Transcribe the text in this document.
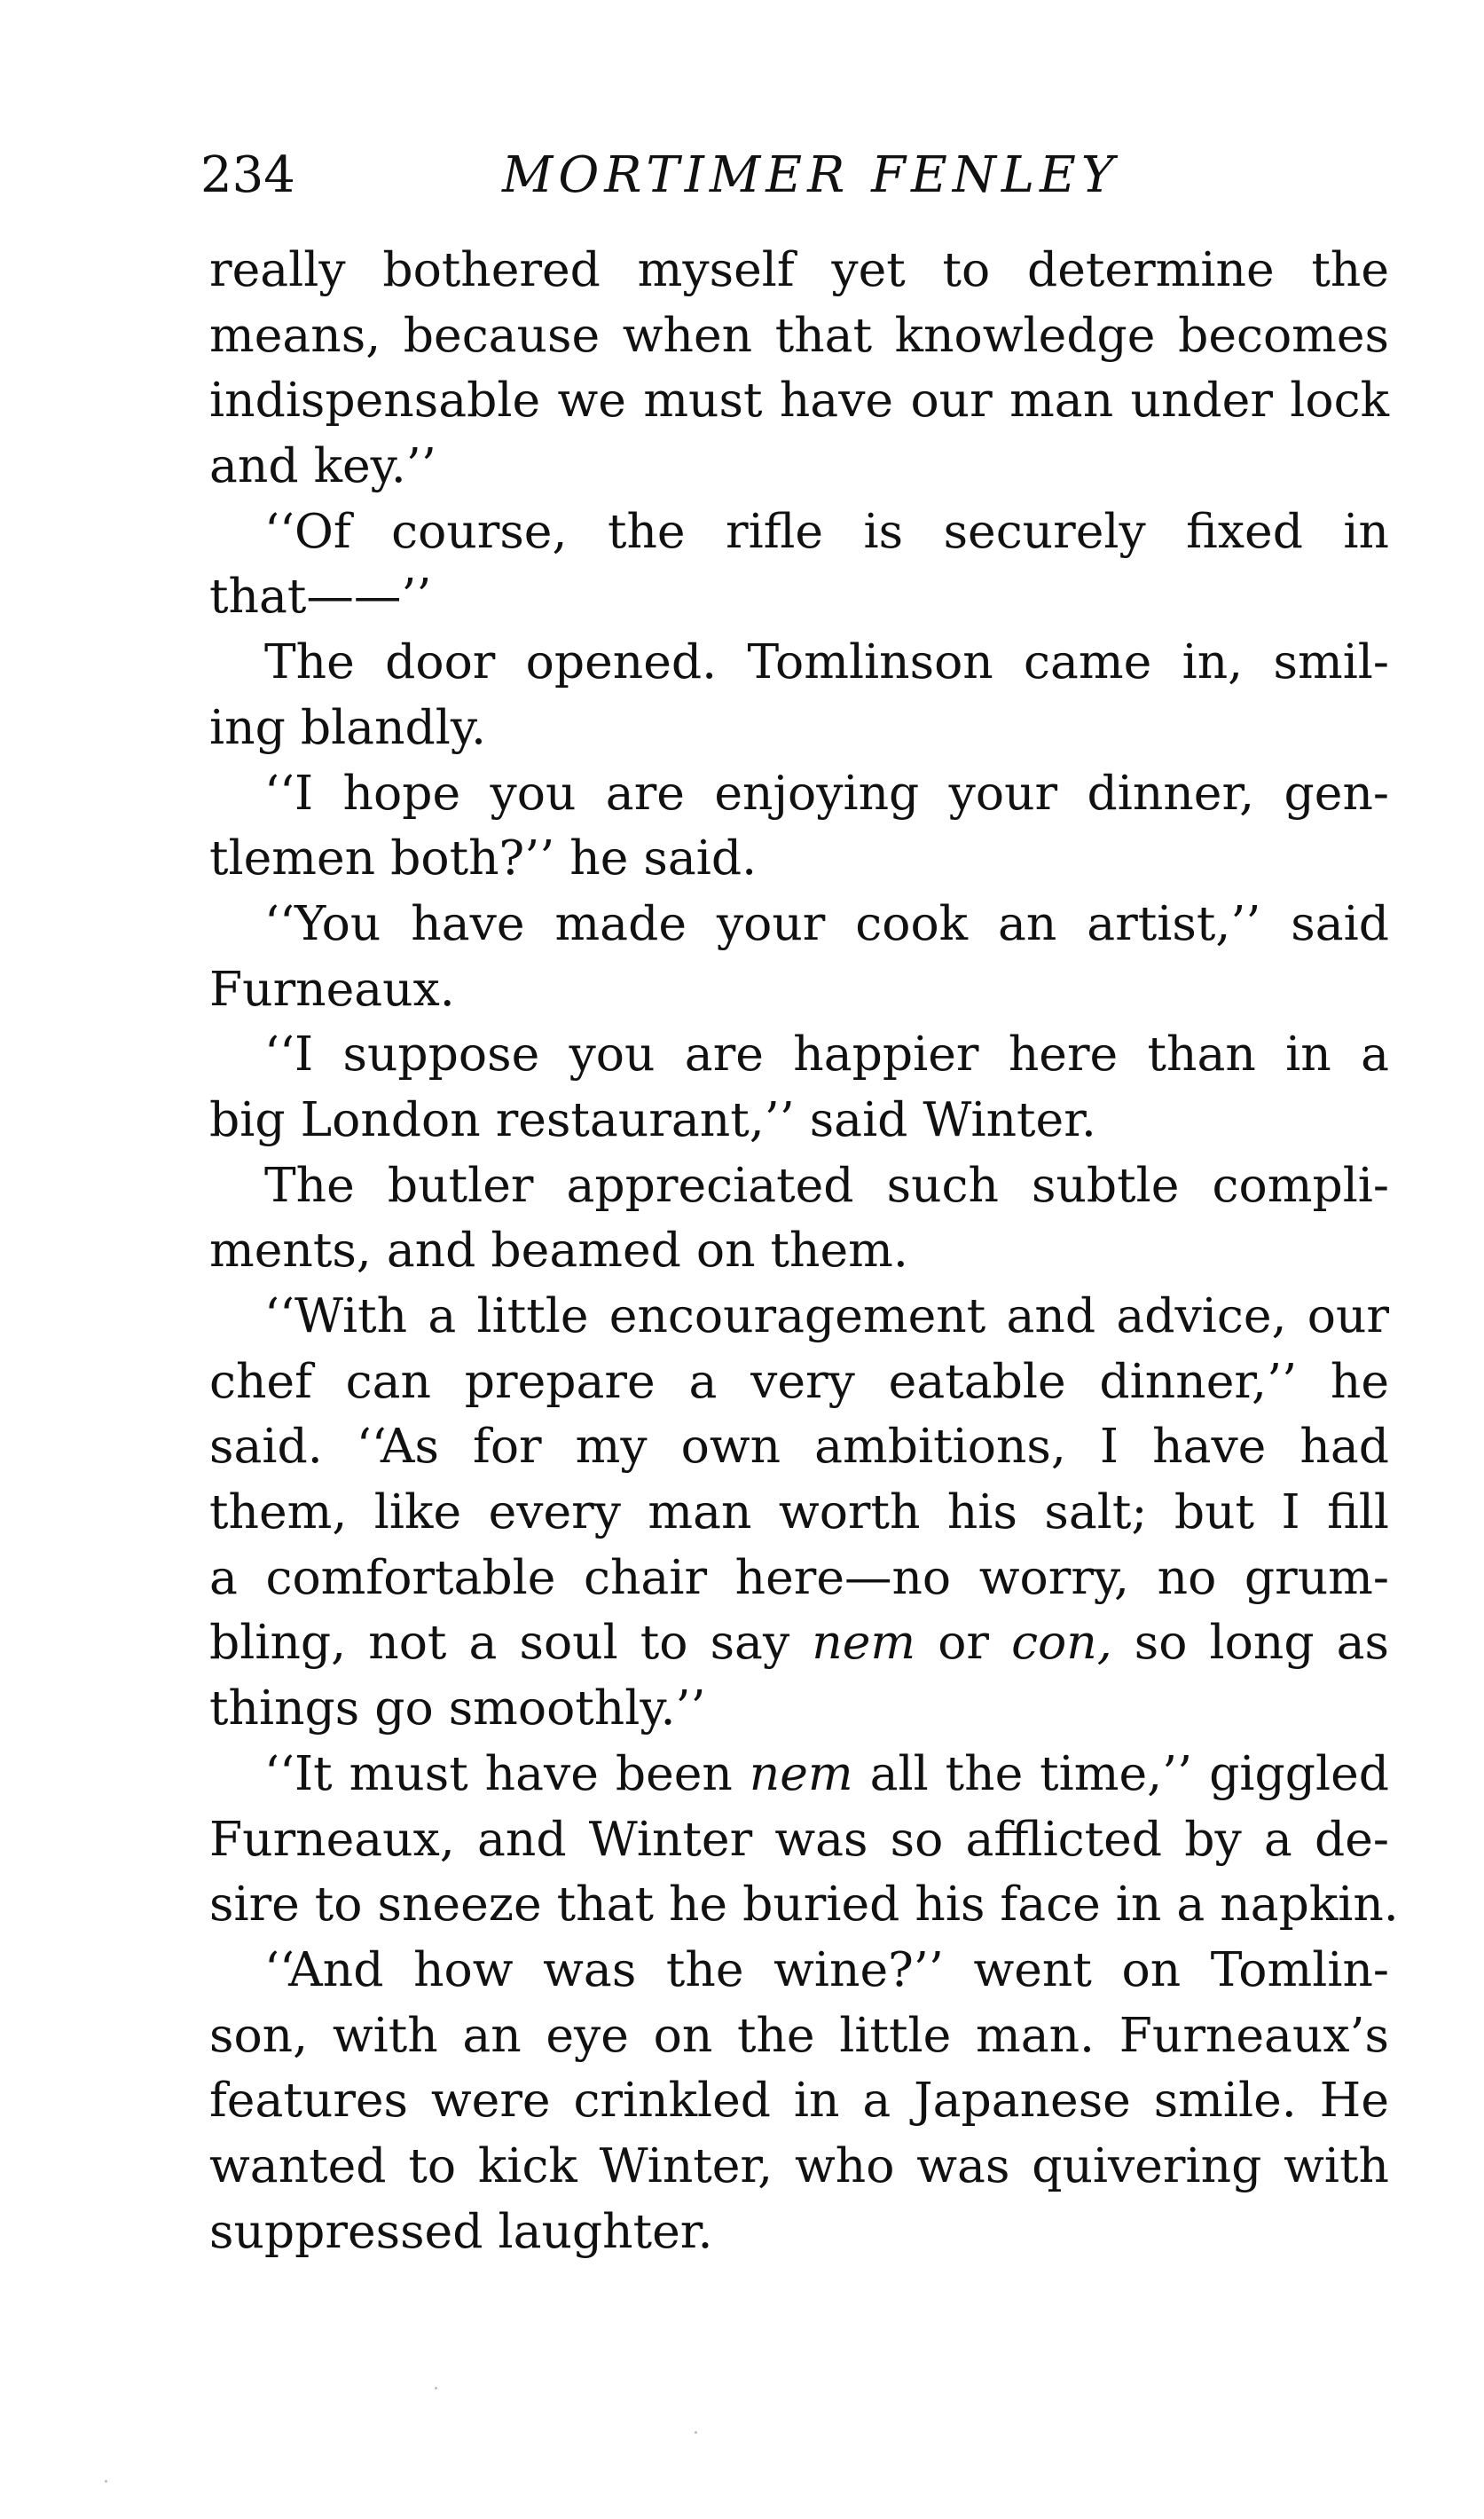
234	MORTIMER FENLEY
really bothered myself yet to determine the
means, because when that knowledge becomes
indispensable we must have our man under lock
and key.’’
‘‘Of course, the rifle is securely fixed in
that——’’
The door opened. Tomlinson came in, smil-
ing blandly.
‘‘I hope you are enjoying your dinner, gen-
tlemen both?’’ he said.
‘‘You have made your cook an artist,’’ said
Furneaux.
‘‘I suppose you are happier here than in a
big London restaurant,’’ said Winter.
The butler appreciated such subtle compli-
ments, and beamed on them.
‘‘With a little encouragement and advice, our
chef can prepare a very eatable dinner,’’ he
said. ‘‘As for my own ambitions, I have had
them, like every man worth his salt; but I fill
a comfortable chair here—no worry, no grum-
bling, not a soul to say nem or con, so long as
things go smoothly.’’
‘‘It must have been nem all the time,’’ giggled
Furneaux, and Winter was so afflicted by a de-
sire to sneeze that he buried his face in a napkin.
‘‘And how was the wine?’’ went on Tomlin-
son, with an eye on the little man. Furneaux’s
features were crinkled in a Japanese smile. He
wanted to kick Winter, who was quivering with
suppressed laughter.
